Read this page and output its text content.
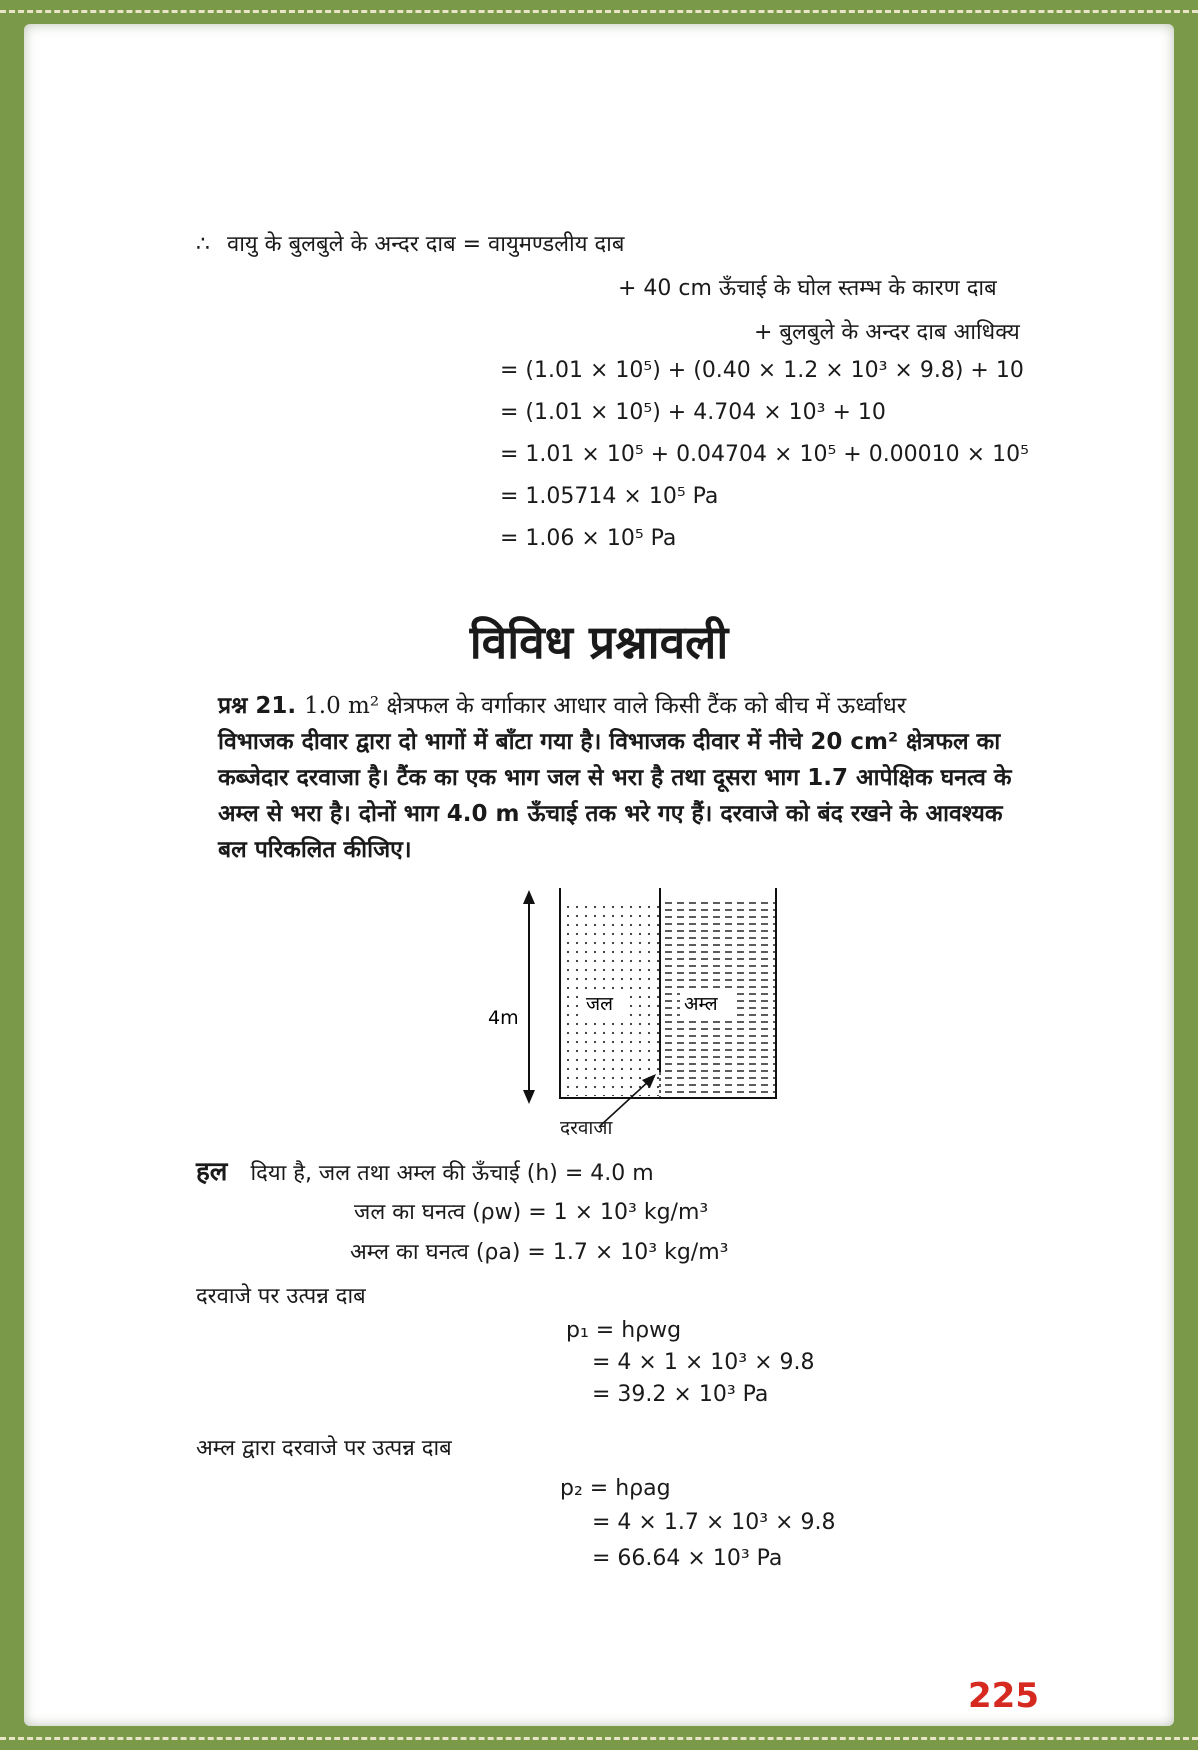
∴ वायु के बुलबुले के अन्दर दाब = वायुमण्डलीय दाब
+ 40 cm ऊँचाई के घोल स्तम्भ के कारण दाब
+ बुलबुले के अन्दर दाब आधिक्य
= (1.01 × 10⁵) + (0.40 × 1.2 × 10³ × 9.8) + 10
= (1.01 × 10⁵) + 4.704 × 10³ + 10
= 1.01 × 10⁵ + 0.04704 × 10⁵ + 0.00010 × 10⁵
= 1.05714 × 10⁵ Pa
= 1.06 × 10⁵ Pa
विविध प्रश्नावली
प्रश्न 21. 1.0 m² क्षेत्रफल के वर्गाकार आधार वाले किसी टैंक को बीच में ऊर्ध्वाधर
विभाजक दीवार द्वारा दो भागों में बाँटा गया है। विभाजक दीवार में नीचे 20 cm² क्षेत्रफल का
कब्जेदार दरवाजा है। टैंक का एक भाग जल से भरा है तथा दूसरा भाग 1.7 आपेक्षिक घनत्व के
अम्ल से भरा है। दोनों भाग 4.0 m ऊँचाई तक भरे गए हैं। दरवाजे को बंद रखने के आवश्यक
बल परिकलित कीजिए।
जल	अम्ल
4m
दरवाजा
हल दिया है, जल तथा अम्ल की ऊँचाई (h) = 4.0 m
जल का घनत्व (ρw) = 1 × 10³ kg/m³
अम्ल का घनत्व (ρa) = 1.7 × 10³ kg/m³
दरवाजे पर उत्पन्न दाब
p₁ = hρwg
= 4 × 1 × 10³ × 9.8
= 39.2 × 10³ Pa
अम्ल द्वारा दरवाजे पर उत्पन्न दाब
p₂ = hρag
= 4 × 1.7 × 10³ × 9.8
= 66.64 × 10³ Pa
225
